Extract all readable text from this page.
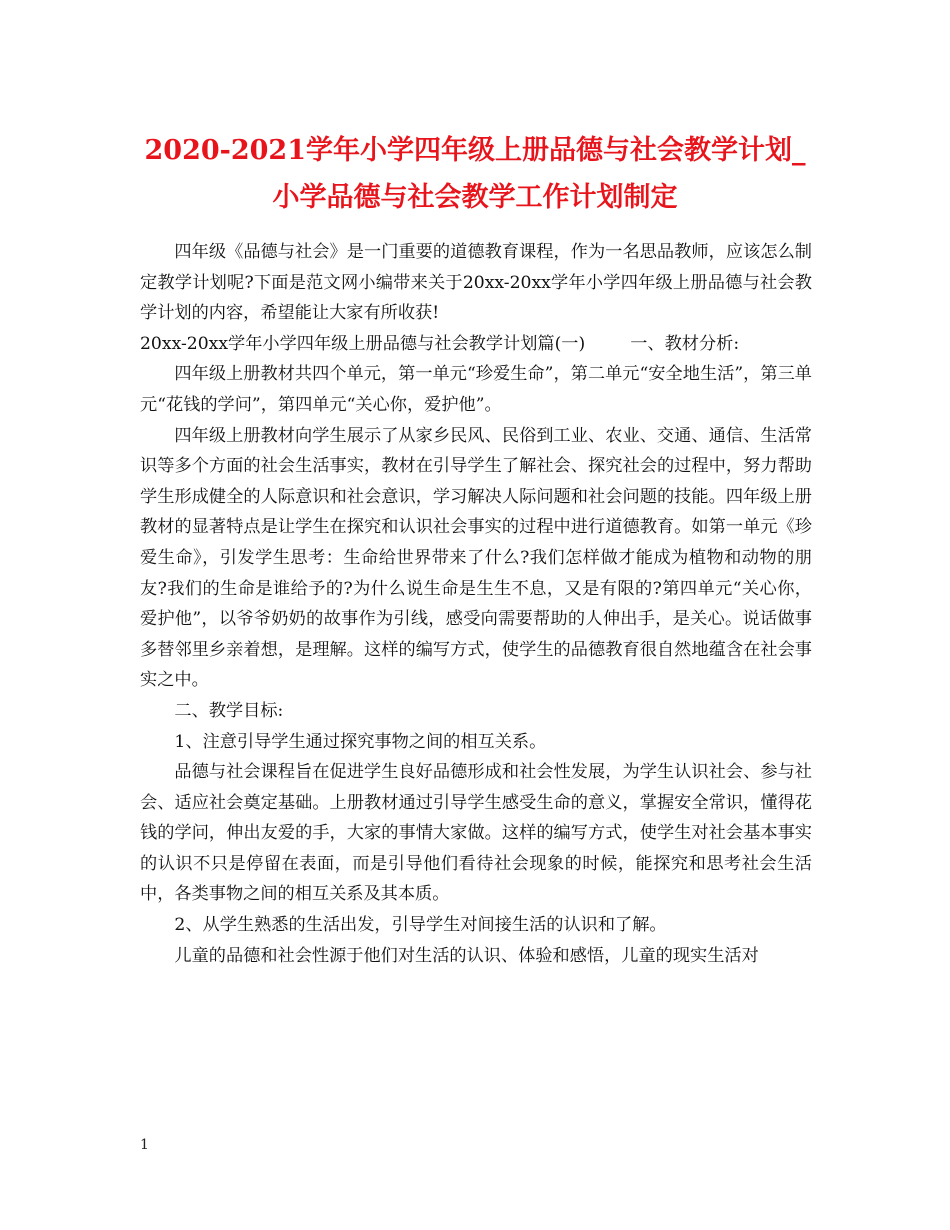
2020-2021学年小学四年级上册品德与社会教学计划_
小学品德与社会教学工作计划制定

四年级《品德与社会》是一门重要的道德教育课程，作为一名思品教师，应该怎么制定教学计划呢?下面是范文网小编带来关于20xx-20xx学年小学四年级上册品德与社会教学计划的内容，希望能让大家有所收获!

20xx-20xx学年小学四年级上册品德与社会教学计划篇(一)	一、教材分析:

四年级上册教材共四个单元，第一单元“珍爱生命”，第二单元“安全地生活”，第三单元“花钱的学问”，第四单元“关心你，爱护他”。

四年级上册教材向学生展示了从家乡民风、民俗到工业、农业、交通、通信、生活常识等多个方面的社会生活事实，教材在引导学生了解社会、探究社会的过程中，努力帮助学生形成健全的人际意识和社会意识，学习解决人际问题和社会问题的技能。四年级上册教材的显著特点是让学生在探究和认识社会事实的过程中进行道德教育。如第一单元《珍爱生命》，引发学生思考：生命给世界带来了什么?我们怎样做才能成为植物和动物的朋友?我们的生命是谁给予的?为什么说生命是生生不息，又是有限的?第四单元“关心你，爱护他”，以爷爷奶奶的故事作为引线，感受向需要帮助的人伸出手，是关心。说话做事多替邻里乡亲着想，是理解。这样的编写方式，使学生的品德教育很自然地蕴含在社会事实之中。

二、教学目标:

1、注意引导学生通过探究事物之间的相互关系。

品德与社会课程旨在促进学生良好品德形成和社会性发展，为学生认识社会、参与社会、适应社会奠定基础。上册教材通过引导学生感受生命的意义，掌握安全常识，懂得花钱的学问，伸出友爱的手，大家的事情大家做。这样的编写方式，使学生对社会基本事实的认识不只是停留在表面，而是引导他们看待社会现象的时候，能探究和思考社会生活中，各类事物之间的相互关系及其本质。

2、从学生熟悉的生活出发，引导学生对间接生活的认识和了解。

儿童的品德和社会性源于他们对生活的认识、体验和感悟，儿童的现实生活对

1
